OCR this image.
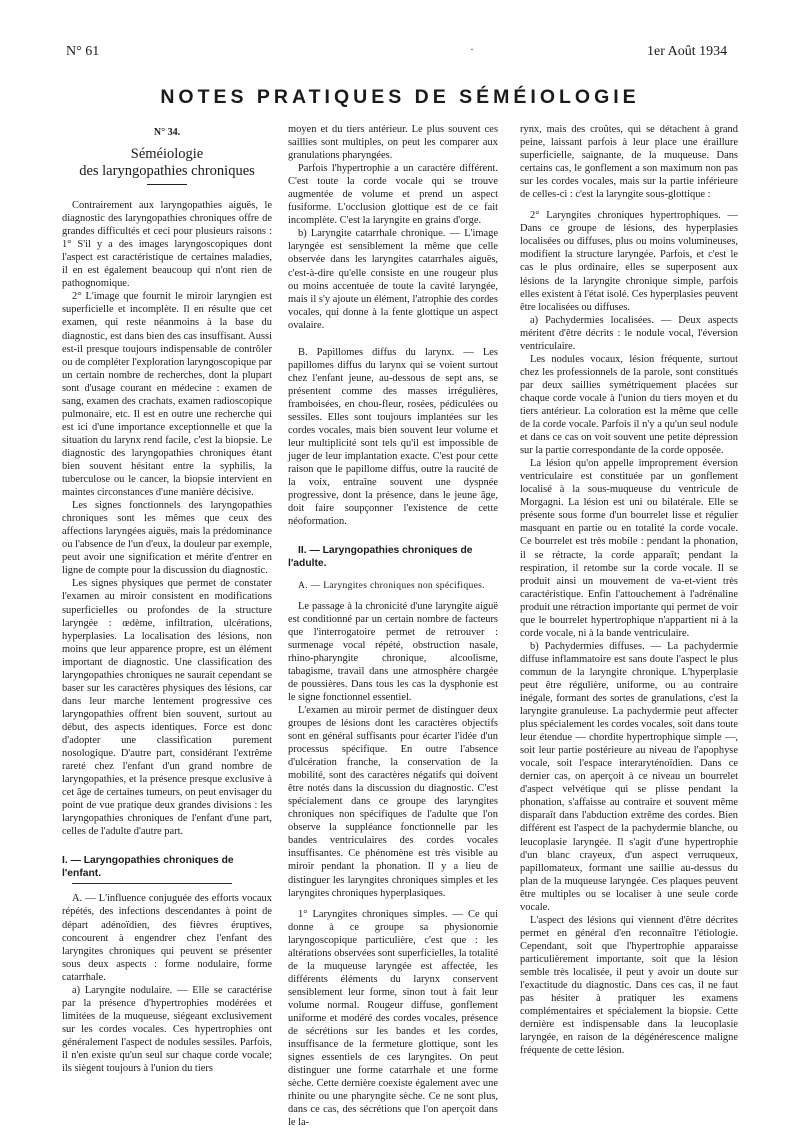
N° 61	·	1er Août 1934
NOTES PRATIQUES DE SÉMÉIOLOGIE
N° 34.
Séméiologie
des laryngopathies chroniques

Contrairement aux laryngopathies aiguës, le diagnostic des laryngopathies chroniques offre de grandes difficultés et ceci pour plusieurs raisons : 1° S'il y a des images laryngoscopiques dont l'aspect est caractéristique de certaines maladies, il en est également beaucoup qui n'ont rien de pathognomique.

2° L'image que fournit le miroir laryngien est superficielle et incomplète. Il en résulte que cet examen, qui reste néanmoins à la base du diagnostic, est dans bien des cas insuffisant. Aussi est-il presque toujours indispensable de contrôler ou de compléter l'exploration laryngoscopique par un certain nombre de recherches, dont la plupart sont d'usage courant en médecine : examen de sang, examen des crachats, examen radioscopique pulmonaire, etc. Il est en outre une recherche qui est ici d'une importance exceptionnelle et que la situation du larynx rend facile, c'est la biopsie. Le diagnostic des laryngopathies chroniques étant bien souvent hésitant entre la syphilis, la tuberculose ou le cancer, la biopsie intervient en maintes circonstances d'une manière décisive.

Les signes fonctionnels des laryngopathies chroniques sont les mêmes que ceux des affections laryngées aiguës, mais la prédominance ou l'absence de l'un d'eux, la douleur par exemple, peut avoir une signification et mérite d'entrer en ligne de compte pour la discussion du diagnostic.

Les signes physiques que permet de constater l'examen au miroir consistent en modifications superficielles ou profondes de la structure laryngée : œdème, infiltration, ulcérations, hyperplasies. La localisation des lésions, non moins que leur apparence propre, est un élément important de diagnostic. Une classification des laryngopathies chroniques ne saurait cependant se baser sur les caractères physiques des lésions, car dans leur marche lentement progressive ces laryngopathies offrent bien souvent, surtout au début, des aspects identiques. Force est donc d'adopter une classification purement nosologique. D'autre part, considérant l'extrême rareté chez l'enfant d'un grand nombre de laryngopathies, et la présence presque exclusive à cet âge de certaines tumeurs, on peut envisager du point de vue pratique deux grandes divisions : les laryngopathies chroniques de l'enfant d'une part, celles de l'adulte d'autre part.

I. — Laryngopathies chroniques de l'enfant.

A. — L'influence conjuguée des efforts vocaux répétés, des infections descendantes à point de départ adénoïdien, des fièvres éruptives, concourent à engendrer chez l'enfant des laryngites chroniques qui peuvent se présenter sous deux aspects : forme nodulaire, forme catarrhale.

a) Laryngite nodulaire. — Elle se caractérise par la présence d'hypertrophies modérées et limitées de la muqueuse, siégeant exclusivement sur les cordes vocales. Ces hypertrophies ont généralement l'aspect de nodules sessiles. Parfois, il n'en existe qu'un seul sur chaque corde vocale; ils siègent toujours à l'union du tiers

moyen et du tiers antérieur. Le plus souvent ces saillies sont multiples, on peut les comparer aux granulations pharyngées.

Parfois l'hypertrophie a un caractère différent. C'est toute la corde vocale qui se trouve augmentée de volume et prend un aspect fusiforme. L'occlusion glottique est de ce fait incomplète. C'est la laryngite en grains d'orge.

b) Laryngite catarrhale chronique. — L'image laryngée est sensiblement la même que celle observée dans les laryngites catarrhales aiguës, c'est-à-dire qu'elle consiste en une rougeur plus ou moins accentuée de toute la cavité laryngée, mais il s'y ajoute un élément, l'atrophie des cordes vocales, qui donne à la fente glottique un aspect ovalaire.

B. Papillomes diffus du larynx. — Les papillomes diffus du larynx qui se voient surtout chez l'enfant jeune, au-dessous de sept ans, se présentent comme des masses irrégulières, framboisées, en chou-fleur, rosées, pédiculées ou sessiles. Elles sont toujours implantées sur les cordes vocales, mais bien souvent leur volume et leur multiplicité sont tels qu'il est impossible de juger de leur implantation exacte. C'est pour cette raison que le papillome diffus, outre la raucité de la voix, entraîne souvent une dyspnée progressive, dont la présence, dans le jeune âge, doit faire soupçonner l'existence de cette néoformation.

II. — Laryngopathies chroniques de l'adulte.

A. — Laryngites chroniques non spécifiques.

Le passage à la chronicité d'une laryngite aiguë est conditionné par un certain nombre de facteurs que l'interrogatoire permet de retrouver : surmenage vocal répété, obstruction nasale, rhino-pharyngite chronique, alcoolisme, tabagisme, travail dans une atmosphère chargée de poussières. Dans tous les cas la dysphonie est le signe fonctionnel essentiel.

L'examen au miroir permet de distinguer deux groupes de lésions dont les caractères objectifs sont en général suffisants pour écarter l'idée d'un processus spécifique. En outre l'absence d'ulcération franche, la conservation de la mobilité, sont des caractères négatifs qui doivent être notés dans la discussion du diagnostic. C'est spécialement dans ce groupe des laryngites chroniques non spécifiques de l'adulte que l'on observe la suppléance fonctionnelle par les bandes ventriculaires des cordes vocales insuffisantes. Ce phénomène est très visible au miroir pendant la phonation. Il y a lieu de distinguer les laryngites chroniques simples et les laryngites chroniques hyperplasiques.

1° Laryngites chroniques simples. — Ce qui donne à ce groupe sa physionomie laryngoscopique particulière, c'est que : les altérations observées sont superficielles, la totalité de la muqueuse laryngée est affectée, les différents éléments du larynx conservent sensiblement leur forme, sinon tout à fait leur volume normal. Rougeur diffuse, gonflement uniforme et modéré des cordes vocales, présence de sécrétions sur les bandes et les cordes, insuffisance de la fermeture glottique, sont les signes essentiels de ces laryngites. On peut distinguer une forme catarrhale et une forme sèche. Cette dernière coexiste également avec une rhinite ou une pharyngite sèche. Ce ne sont plus, dans ce cas, des sécrétions que l'on aperçoit dans le la-

rynx, mais des croûtes, qui se détachent à grand peine, laissant parfois à leur place une éraillure superficielle, saignante, de la muqueuse. Dans certains cas, le gonflement a son maximum non pas sur les cordes vocales, mais sur la partie inférieure de celles-ci : c'est la laryngite sous-glottique :

2° Laryngites chroniques hypertrophiques. — Dans ce groupe de lésions, des hyperplasies localisées ou diffuses, plus ou moins volumineuses, modifient la structure laryngée. Parfois, et c'est le cas le plus ordinaire, elles se superposent aux lésions de la laryngite chronique simple, parfois elles existent à l'état isolé. Ces hyperplasies peuvent être localisées ou diffuses.

a) Pachydermies localisées. — Deux aspects méritent d'être décrits : le nodule vocal, l'éversion ventriculaire.

Les nodules vocaux, lésion fréquente, surtout chez les professionnels de la parole, sont constitués par deux saillies symétriquement placées sur chaque corde vocale à l'union du tiers moyen et du tiers antérieur. La coloration est la même que celle de la corde vocale. Parfois il n'y a qu'un seul nodule et dans ce cas on voit souvent une petite dépression sur la partie correspondante de la corde opposée.

La lésion qu'on appelle improprement éversion ventriculaire est constituée par un gonflement localisé à la sous-muqueuse du ventricule de Morgagni. La lésion est uni ou bilatérale. Elle se présente sous forme d'un bourrelet lisse et régulier masquant en partie ou en totalité la corde vocale. Ce bourrelet est très mobile : pendant la phonation, il se rétracte, la corde apparaît; pendant la respiration, il retombe sur la corde vocale. Il se produit ainsi un mouvement de va-et-vient très caractéristique. Enfin l'attouchement à l'adrénaline produit une rétraction importante qui permet de voir que le bourrelet hypertrophique n'appartient ni à la corde vocale, ni à la bande ventriculaire.

b) Pachydermies diffuses. — La pachydermie diffuse inflammatoire est sans doute l'aspect le plus commun de la laryngite chronique. L'hyperplasie peut être régulière, uniforme, ou au contraire inégale, formant des sortes de granulations, c'est la laryngite granuleuse. La pachydermie peut affecter plus spécialement les cordes vocales, soit dans toute leur étendue — chordite hypertrophique simple —, soit leur partie postérieure au niveau de l'apophyse vocale, soit l'espace interaryténoïdien. Dans ce dernier cas, on aperçoit à ce niveau un bourrelet d'aspect velvétique qui se plisse pendant la phonation, s'affaisse au contraire et souvent même disparaît dans l'abduction extrême des cordes. Bien différent est l'aspect de la pachydermie blanche, ou leucoplasie laryngée. Il s'agit d'une hypertrophie d'un blanc crayeux, d'un aspect verruqueux, papillomateux, formant une saillie au-dessus du plan de la muqueuse laryngée. Ces plaques peuvent être multiples ou se localiser à une seule corde vocale.

L'aspect des lésions qui viennent d'être décrites permet en général d'en reconnaître l'étiologie. Cependant, soit que l'hypertrophie apparaisse particulièrement importante, soit que la lésion semble très localisée, il peut y avoir un doute sur l'exactitude du diagnostic. Dans ces cas, il ne faut pas hésiter à pratiquer les examens complémentaires et spécialement la biopsie. Cette dernière est indispensable dans la leucoplasie laryngée, en raison de la dégénérescence maligne fréquente de cette lésion.
